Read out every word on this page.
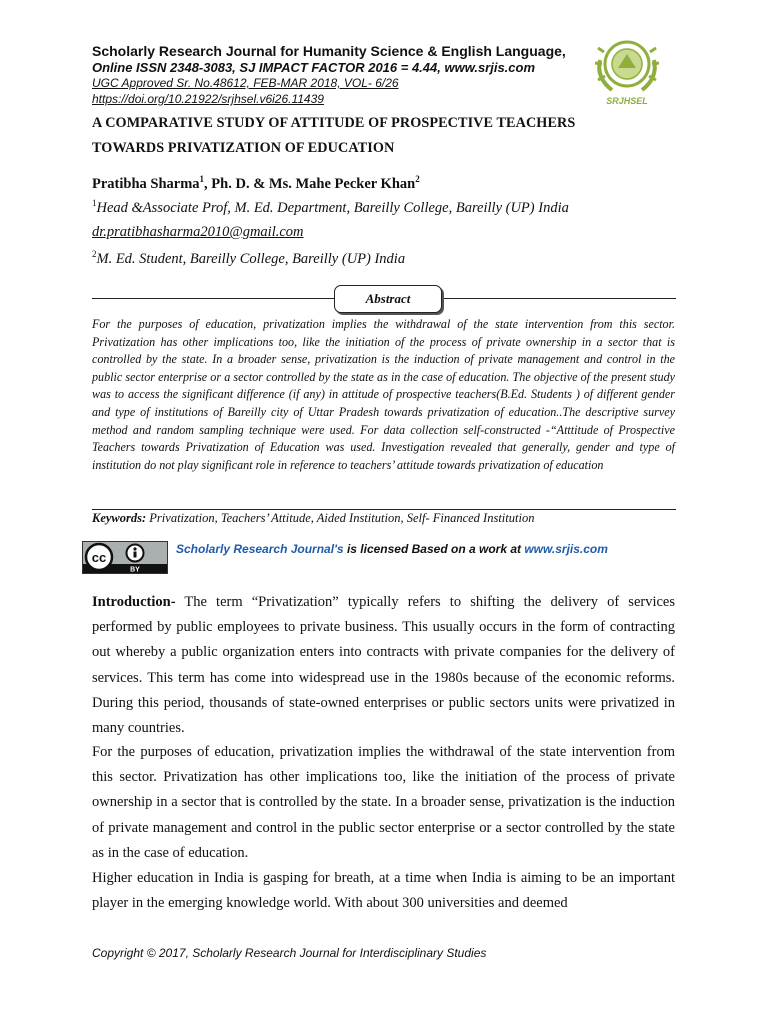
Scholarly Research Journal for Humanity Science & English Language,
Online ISSN 2348-3083, SJ IMPACT FACTOR 2016 = 4.44, www.srjis.com
UGC Approved Sr. No.48612, FEB-MAR 2018, VOL- 6/26
https://doi.org/10.21922/srjhsel.v6i26.11439	SRJHSEL
A COMPARATIVE STUDY OF ATTITUDE OF PROSPECTIVE TEACHERS
TOWARDS PRIVATIZATION OF EDUCATION
Pratibha Sharma$^1$, Ph. D. & Ms. Mahe Pecker Khan$^2$
$^1$Head &Associate Prof, M. Ed. Department, Bareilly College, Bareilly (UP) India
dr.pratibhasharma2010@gmail.com
$^2$M. Ed. Student, Bareilly College, Bareilly (UP) India
Abstract
For the purposes of education, privatization implies the withdrawal of the state intervention from this sector. Privatization has other implications too, like the initiation of the process of private ownership in a sector that is controlled by the state. In a broader sense, privatization is the induction of private management and control in the public sector enterprise or a sector controlled by the state as in the case of education. The objective of the present study was to access the significant difference (if any) in attitude of prospective teachers(B.Ed. Students ) of different gender and type of institutions of Bareilly city of Uttar Pradesh towards privatization of education..The descriptive survey method and random sampling technique were used. For data collection self-constructed -“Atttitude of Prospective Teachers towards Privatization of Education was used. Investigation revealed that generally, gender and type of institution do not play significant role in reference to teachers’ attitude towards privatization of education
Keywords: Privatization, Teachers’ Attitude, Aided Institution, Self- Financed Institution
cc
BY
Scholarly Research Journal's is licensed Based on a work at www.srjis.com
Introduction- The term “Privatization” typically refers to shifting the delivery of services performed by public employees to private business. This usually occurs in the form of contracting out whereby a public organization enters into contracts with private companies for the delivery of services. This term has come into widespread use in the 1980s because of the economic reforms. During this period, thousands of state-owned enterprises or public sectors units were privatized in many countries.
For the purposes of education, privatization implies the withdrawal of the state intervention from this sector. Privatization has other implications too, like the initiation of the process of private ownership in a sector that is controlled by the state. In a broader sense, privatization is the induction of private management and control in the public sector enterprise or a sector controlled by the state as in the case of education.
Higher education in India is gasping for breath, at a time when India is aiming to be an important player in the emerging knowledge world. With about 300 universities and deemed
Copyright © 2017, Scholarly Research Journal for Interdisciplinary Studies
